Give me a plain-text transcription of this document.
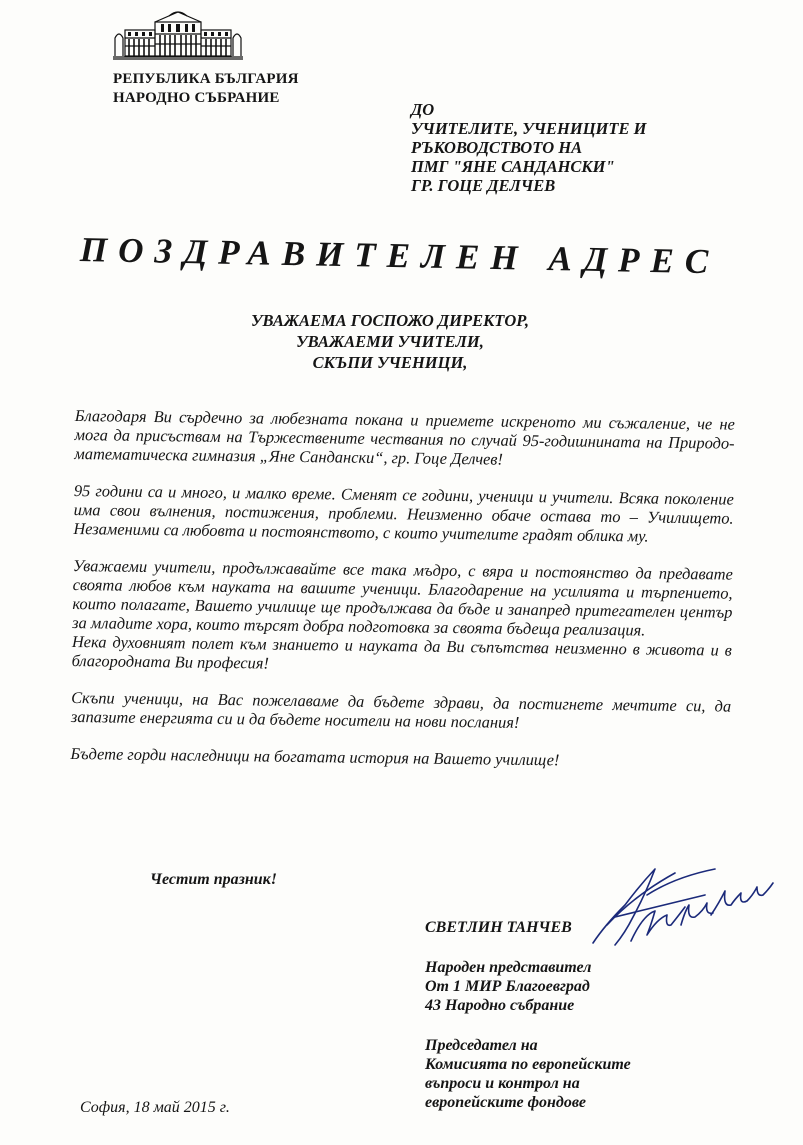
РЕПУБЛИКА БЪЛГАРИЯ
НАРОДНО СЪБРАНИЕ
ДО
УЧИТЕЛИТЕ, УЧЕНИЦИТЕ И
РЪКОВОДСТВОТО НА
ПМГ "ЯНЕ САНДАНСКИ"
ГР. ГОЦЕ ДЕЛЧЕВ
ПОЗДРАВИТЕЛЕН АДРЕС
УВАЖАЕМА ГОСПОЖО ДИРЕКТОР,
УВАЖАЕМИ УЧИТЕЛИ,
СКЪПИ УЧЕНИЦИ,

Благодаря Ви сърдечно за любезната покана и приемете искреното ми съжаление, че не мога да присъствам на Тържествените чествания по случай 95-годишнината на Природо-математическа гимназия „Яне Сандански“, гр. Гоце Делчев!

95 години са и много, и малко време. Сменят се години, ученици и учители. Всяка поколение има свои вълнения, постижения, проблеми. Неизменно обаче остава то – Училището. Незаменими са любовта и постоянството, с които учителите градят облика му.

Уважаеми учители, продължавайте все така мъдро, с вяра и постоянство да предавате своята любов към науката на вашите ученици. Благодарение на усилията и търпението, които полагате, Вашето училище ще продължава да бъде и занапред притегателен център за младите хора, които търсят добра подготовка за своята бъдеща реализация.

Нека духовният полет към знанието и науката да Ви съпътства неизменно в живота и в благородната Ви професия!

Скъпи ученици, на Вас пожелаваме да бъдете здрави, да постигнете мечтите си, да запазите енергията си и да бъдете носители на нови послания!

Бъдете горди наследници на богатата история на Вашето училище!

Честит празник!
СВЕТЛИН ТАНЧЕВ
Народен представител
От 1 МИР Благоевград
43 Народно събрание
Председател на
Комисията по европейските
въпроси и контрол на
европейските фондове
София, 18 май 2015 г.
